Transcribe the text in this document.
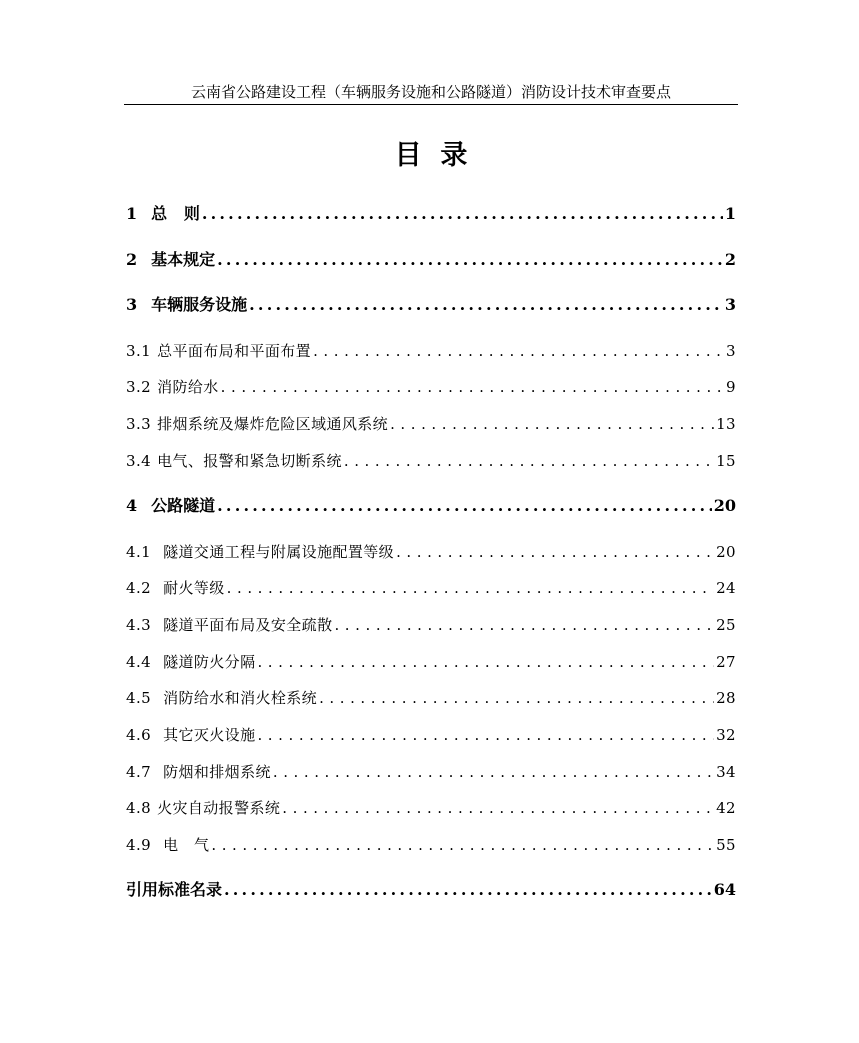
云南省公路建设工程（车辆服务设施和公路隧道）消防设计技术审查要点
目  录
1 总   则 .....	1
2 基本规定 .....	2
3 车辆服务设施 .....	3
3.1 总平面布局和平面布置 . . .	3
3.2 消防给水 . . .	9
3.3 排烟系统及爆炸危险区域通风系统 . . .	13
3.4 电气、报警和紧急切断系统 . . .	15
4 公路隧道 .....	20
4.1 隧道交通工程与附属设施配置等级 . . .	20
4.2 耐火等级 . . .	24
4.3 隧道平面布局及安全疏散 . . .	25
4.4 隧道防火分隔 . . .	27
4.5 消防给水和消火栓系统 . . .	28
4.6 其它灭火设施 . . .	32
4.7 防烟和排烟系统 . . .	34
4.8 火灾自动报警系统 . . .	42
4.9 电   气 . . .	55
引用标准名录 .....	64
